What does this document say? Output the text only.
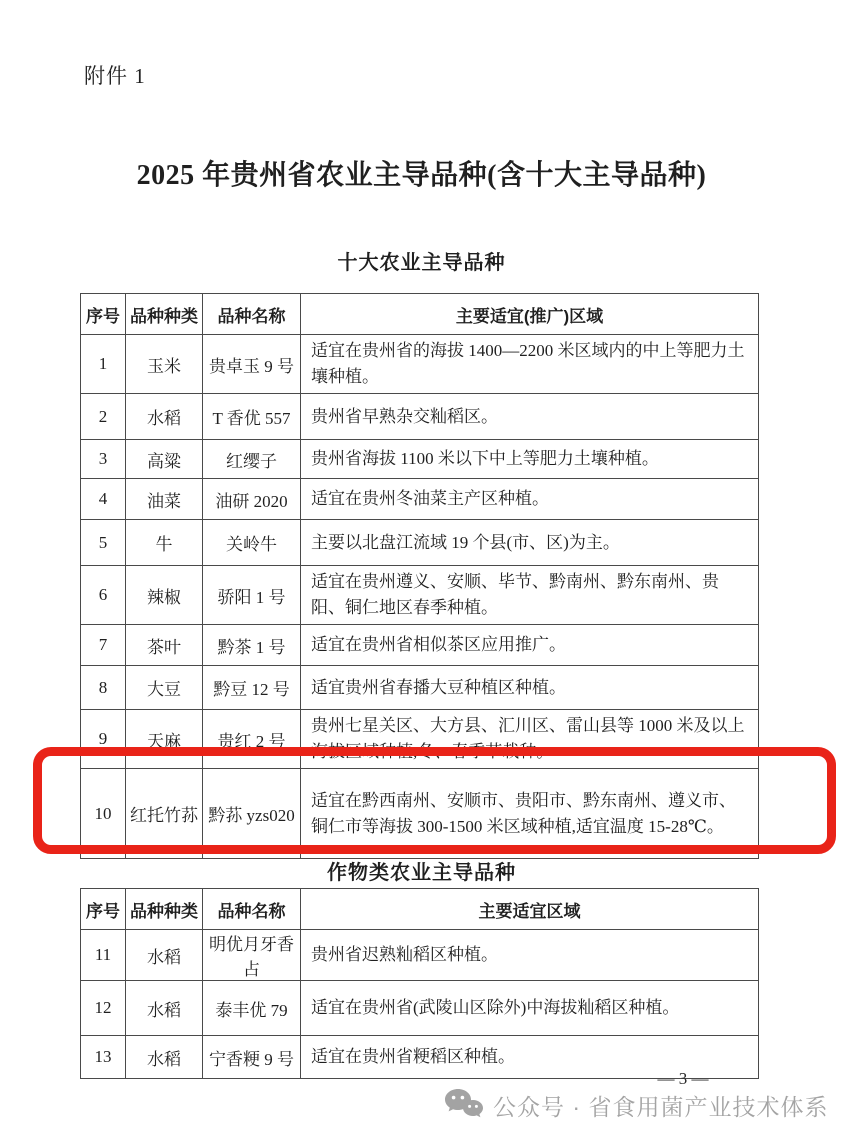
附件 1
2025 年贵州省农业主导品种(含十大主导品种)
十大农业主导品种
序号	品种种类	品种名称	主要适宜(推广)区域
1	玉米	贵卓玉 9 号	适宜在贵州省的海拔 1400—2200 米区域内的中上等肥力土壤种植。
2	水稻	T 香优 557	贵州省早熟杂交籼稻区。
3	高粱	红缨子	贵州省海拔 1100 米以下中上等肥力土壤种植。
4	油菜	油研 2020	适宜在贵州冬油菜主产区种植。
5	牛	关岭牛	主要以北盘江流域 19 个县(市、区)为主。
6	辣椒	骄阳 1 号	适宜在贵州遵义、安顺、毕节、黔南州、黔东南州、贵阳、铜仁地区春季种植。
7	茶叶	黔茶 1 号	适宜在贵州省相似茶区应用推广。
8	大豆	黔豆 12 号	适宜贵州省春播大豆种植区种植。
9	天麻	贵红 2 号	贵州七星关区、大方县、汇川区、雷山县等 1000 米及以上海拔区域种植,冬、春季节栽种。
10	红托竹荪	黔荪 yzs020	适宜在黔西南州、安顺市、贵阳市、黔东南州、遵义市、铜仁市等海拔 300-1500 米区域种植,适宜温度 15-28℃。
作物类农业主导品种
序号	品种种类	品种名称	主要适宜区域
11	水稻	明优月牙香占	贵州省迟熟籼稻区种植。
12	水稻	泰丰优 79	适宜在贵州省(武陵山区除外)中海拔籼稻区种植。
13	水稻	宁香粳 9 号	适宜在贵州省粳稻区种植。
— 3 —
公众号 · 省食用菌产业技术体系
